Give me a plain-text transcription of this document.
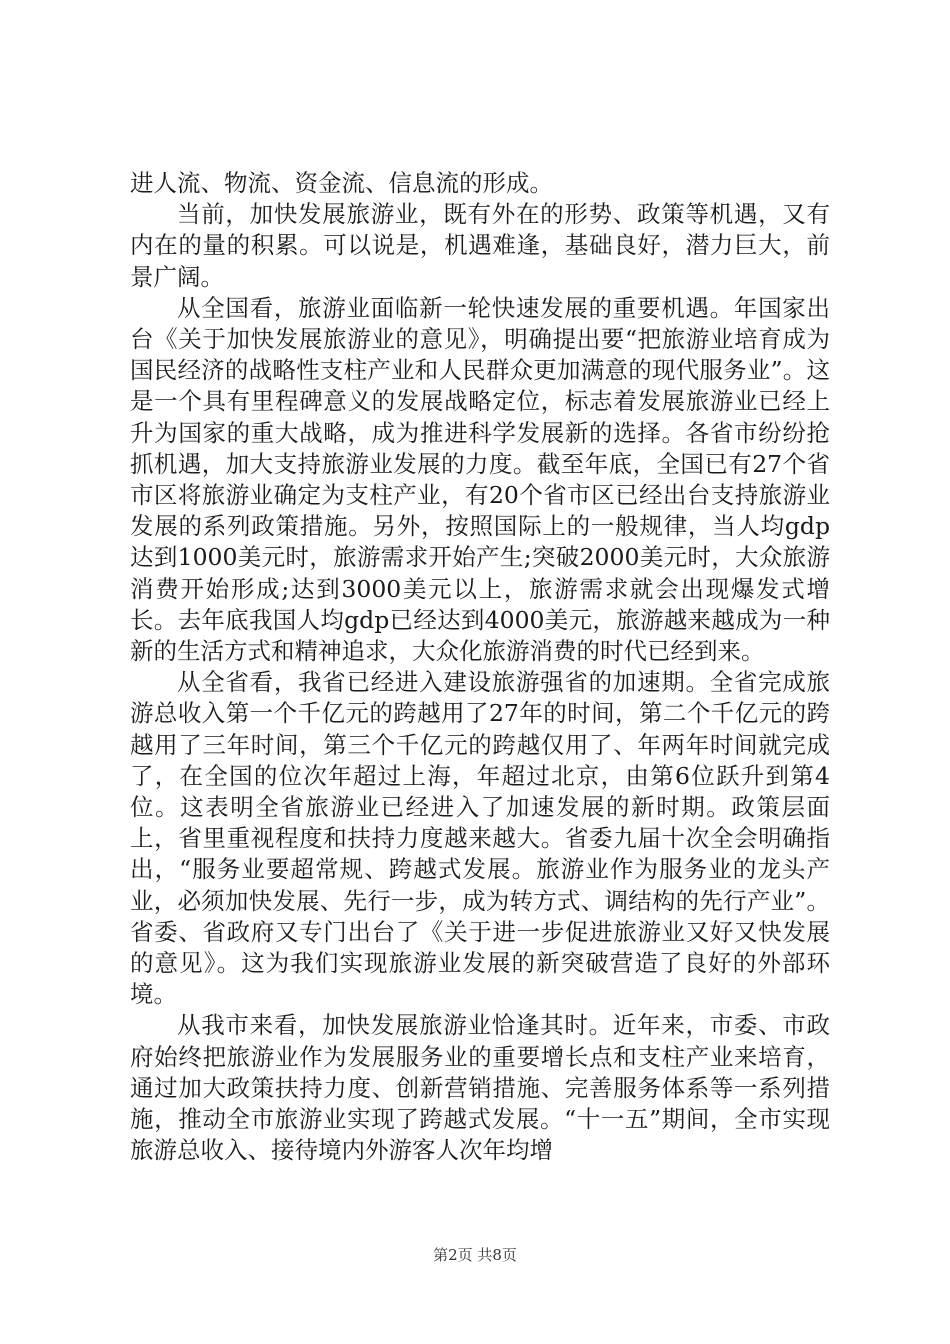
进人流、物流、资金流、信息流的形成。

当前，加快发展旅游业，既有外在的形势、政策等机遇，又有内在的量的积累。可以说是，机遇难逢，基础良好，潜力巨大，前景广阔。

从全国看，旅游业面临新一轮快速发展的重要机遇。年国家出台《关于加快发展旅游业的意见》，明确提出要“把旅游业培育成为国民经济的战略性支柱产业和人民群众更加满意的现代服务业”。这是一个具有里程碑意义的发展战略定位，标志着发展旅游业已经上升为国家的重大战略，成为推进科学发展新的选择。各省市纷纷抢抓机遇，加大支持旅游业发展的力度。截至年底，全国已有27个省市区将旅游业确定为支柱产业，有20个省市区已经出台支持旅游业发展的系列政策措施。另外，按照国际上的一般规律，当人均gdp达到1000美元时，旅游需求开始产生;突破2000美元时，大众旅游消费开始形成;达到3000美元以上，旅游需求就会出现爆发式增长。去年底我国人均gdp已经达到4000美元，旅游越来越成为一种新的生活方式和精神追求，大众化旅游消费的时代已经到来。

从全省看，我省已经进入建设旅游强省的加速期。全省完成旅游总收入第一个千亿元的跨越用了27年的时间，第二个千亿元的跨越用了三年时间，第三个千亿元的跨越仅用了、年两年时间就完成了，在全国的位次年超过上海，年超过北京，由第6位跃升到第4位。这表明全省旅游业已经进入了加速发展的新时期。政策层面上，省里重视程度和扶持力度越来越大。省委九届十次全会明确指出，“服务业要超常规、跨越式发展。旅游业作为服务业的龙头产业，必须加快发展、先行一步，成为转方式、调结构的先行产业”。省委、省政府又专门出台了《关于进一步促进旅游业又好又快发展的意见》。这为我们实现旅游业发展的新突破营造了良好的外部环境。

从我市来看，加快发展旅游业恰逢其时。近年来，市委、市政府始终把旅游业作为发展服务业的重要增长点和支柱产业来培育，通过加大政策扶持力度、创新营销措施、完善服务体系等一系列措施，推动全市旅游业实现了跨越式发展。“十一五”期间，全市实现旅游总收入、接待境内外游客人次年均增

第2页 共8页
